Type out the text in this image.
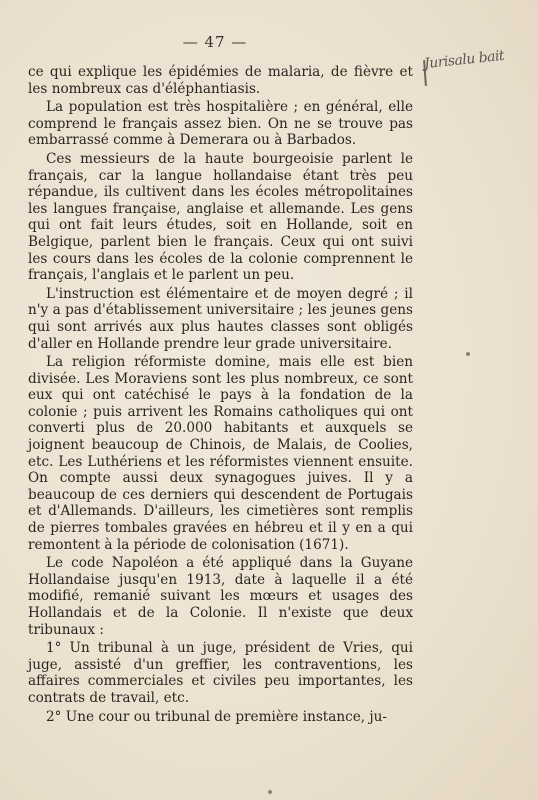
— 47 —
Jurisalu bait

ce qui explique les épidémies de malaria, de fièvre et les nombreux cas d'éléphantiasis.

La population est très hospitalière ; en général, elle comprend le français assez bien. On ne se trouve pas embarrassé comme à Demerara ou à Barbados.

Ces messieurs de la haute bourgeoisie parlent le français, car la langue hollandaise étant très peu répandue, ils cultivent dans les écoles métropolitaines les langues française, anglaise et allemande. Les gens qui ont fait leurs études, soit en Hollande, soit en Belgique, parlent bien le français. Ceux qui ont suivi les cours dans les écoles de la colonie comprennent le français, l'anglais et le parlent un peu.

L'instruction est élémentaire et de moyen degré ; il n'y a pas d'établissement universitaire ; les jeunes gens qui sont arrivés aux plus hautes classes sont obligés d'aller en Hollande prendre leur grade universitaire.

La religion réformiste domine, mais elle est bien divisée. Les Moraviens sont les plus nombreux, ce sont eux qui ont catéchisé le pays à la fondation de la colonie ; puis arrivent les Romains catholiques qui ont converti plus de 20.000 habitants et auxquels se joignent beaucoup de Chinois, de Malais, de Coolies, etc. Les Luthériens et les réformistes viennent ensuite. On compte aussi deux synagogues juives. Il y a beaucoup de ces derniers qui descendent de Portugais et d'Allemands. D'ailleurs, les cimetières sont remplis de pierres tombales gravées en hébreu et il y en a qui remontent à la période de colonisation (1671).

Le code Napoléon a été appliqué dans la Guyane Hollandaise jusqu'en 1913, date à laquelle il a été modifié, remanié suivant les mœurs et usages des Hollandais et de la Colonie. Il n'existe que deux tribunaux :

1° Un tribunal à un juge, président de Vries, qui juge, assisté d'un greffier, les contraventions, les affaires commerciales et civiles peu importantes, les contrats de travail, etc.

2° Une cour ou tribunal de première instance, ju-
